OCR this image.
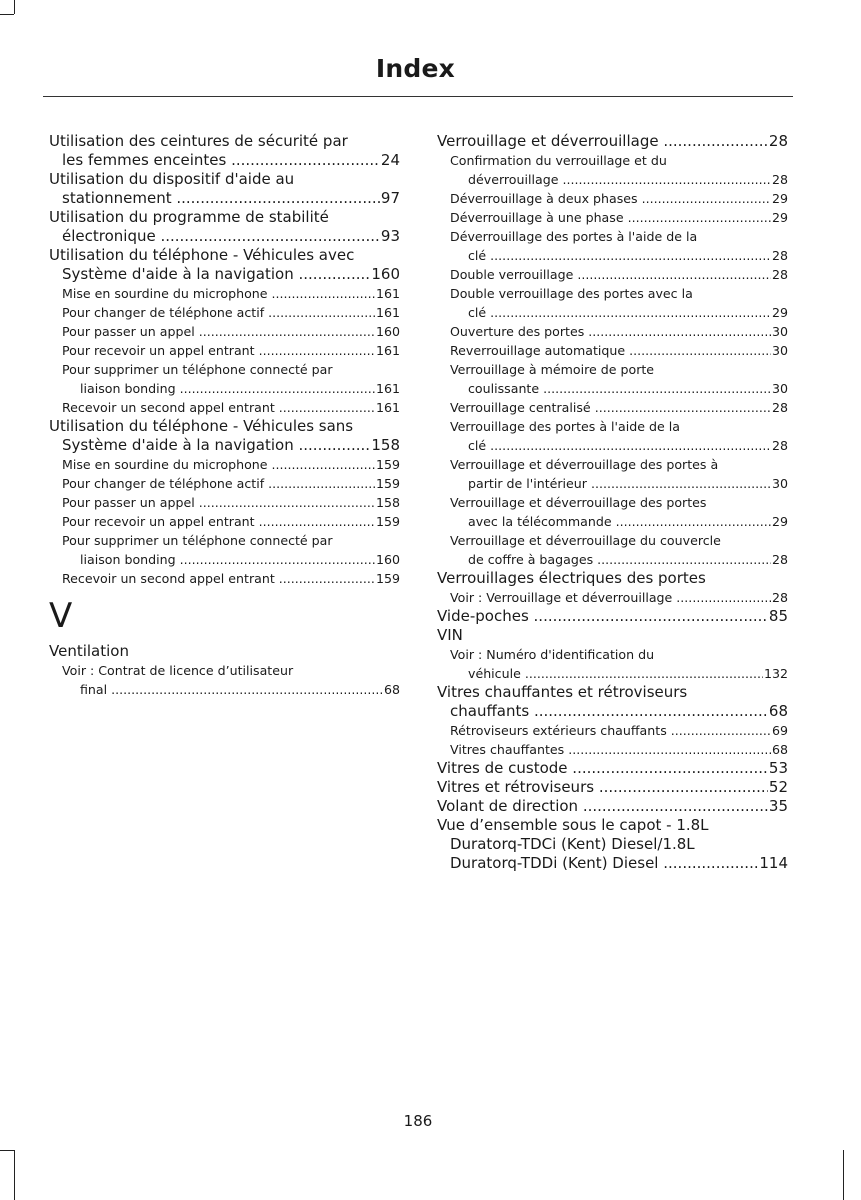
Index
Utilisation des ceintures de sécurité par
les femmes enceintes .....	24
Utilisation du dispositif d'aide au
stationnement .....	97
Utilisation du programme de stabilité
électronique .....	93
Utilisation du téléphone - Véhicules avec
Système d'aide à la navigation .....	160
Mise en sourdine du microphone .....	161
Pour changer de téléphone actif .....	161
Pour passer un appel .....	160
Pour recevoir un appel entrant .....	161
Pour supprimer un téléphone connecté par
liaison bonding .....	161
Recevoir un second appel entrant .....	161
Utilisation du téléphone - Véhicules sans
Système d'aide à la navigation .....	158
Mise en sourdine du microphone .....	159
Pour changer de téléphone actif .....	159
Pour passer un appel .....	158
Pour recevoir un appel entrant .....	159
Pour supprimer un téléphone connecté par
liaison bonding .....	160
Recevoir un second appel entrant .....	159
V
Ventilation
Voir : Contrat de licence d’utilisateur
final .....	68
Verrouillage et déverrouillage .....	28
Confirmation du verrouillage et du
déverrouillage .....	28
Déverrouillage à deux phases .....	29
Déverrouillage à une phase .....	29
Déverrouillage des portes à l'aide de la
clé .....	28
Double verrouillage .....	28
Double verrouillage des portes avec la
clé .....	29
Ouverture des portes .....	30
Reverrouillage automatique .....	30
Verrouillage à mémoire de porte
coulissante .....	30
Verrouillage centralisé .....	28
Verrouillage des portes à l'aide de la
clé .....	28
Verrouillage et déverrouillage des portes à
partir de l'intérieur .....	30
Verrouillage et déverrouillage des portes
avec la télécommande .....	29
Verrouillage et déverrouillage du couvercle
de coffre à bagages .....	28
Verrouillages électriques des portes
Voir : Verrouillage et déverrouillage .....	28
Vide-poches .....	85
VIN
Voir : Numéro d'identification du
véhicule .....	132
Vitres chauffantes et rétroviseurs
chauffants .....	68
Rétroviseurs extérieurs chauffants .....	69
Vitres chauffantes .....	68
Vitres de custode .....	53
Vitres et rétroviseurs .....	52
Volant de direction .....	35
Vue d’ensemble sous le capot - 1.8L
Duratorq-TDCi (Kent) Diesel/1.8L
Duratorq-TDDi (Kent) Diesel .....	114
186
